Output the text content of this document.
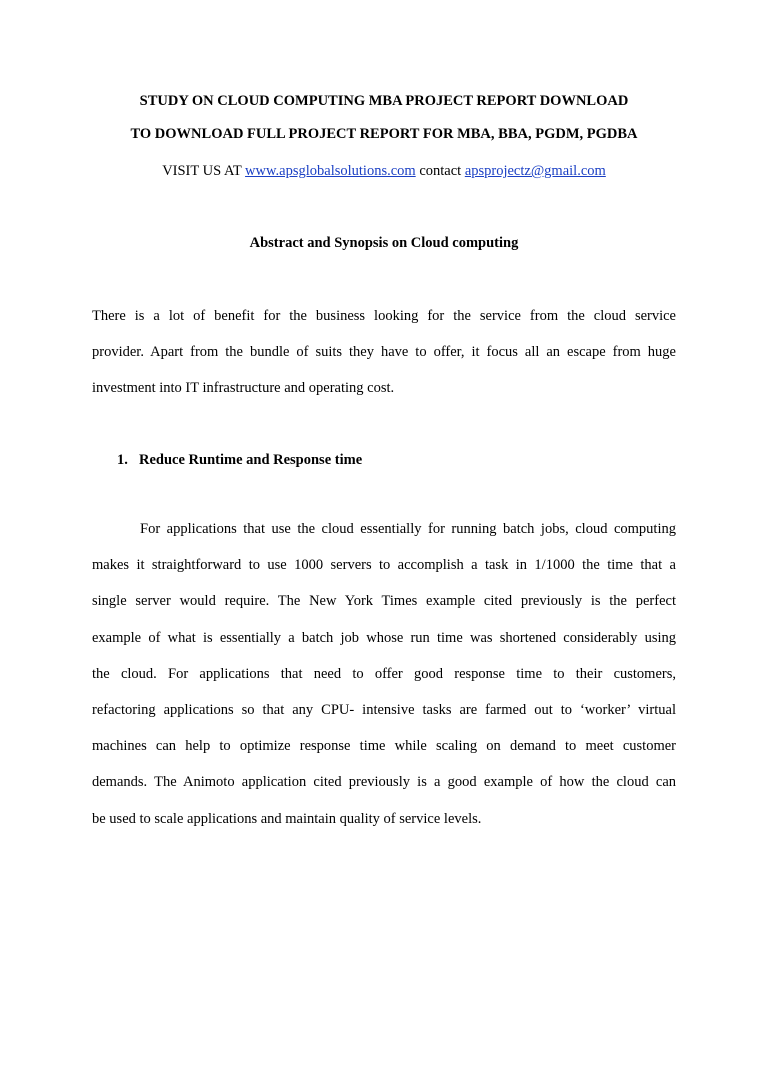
STUDY ON CLOUD COMPUTING MBA PROJECT REPORT DOWNLOAD
TO DOWNLOAD FULL PROJECT REPORT FOR MBA, BBA, PGDM, PGDBA
VISIT US AT www.apsglobalsolutions.com contact apsprojectz@gmail.com
Abstract and Synopsis on Cloud computing
There is a lot of benefit for the business looking for the service from the cloud service
provider. Apart from the bundle of suits they have to offer, it focus all an escape from huge
investment into IT infrastructure and operating cost.
1. Reduce Runtime and Response time
For applications that use the cloud essentially for running batch jobs, cloud computing
makes it straightforward to use 1000 servers to accomplish a task in 1/1000 the time that a
single server would require. The New York Times example cited previously is the perfect
example of what is essentially a batch job whose run time was shortened considerably using
the cloud. For applications that need to offer good response time to their customers,
refactoring applications so that any CPU- intensive tasks are farmed out to ‘worker’ virtual
machines can help to optimize response time while scaling on demand to meet customer
demands. The Animoto application cited previously is a good example of how the cloud can
be used to scale applications and maintain quality of service levels.
